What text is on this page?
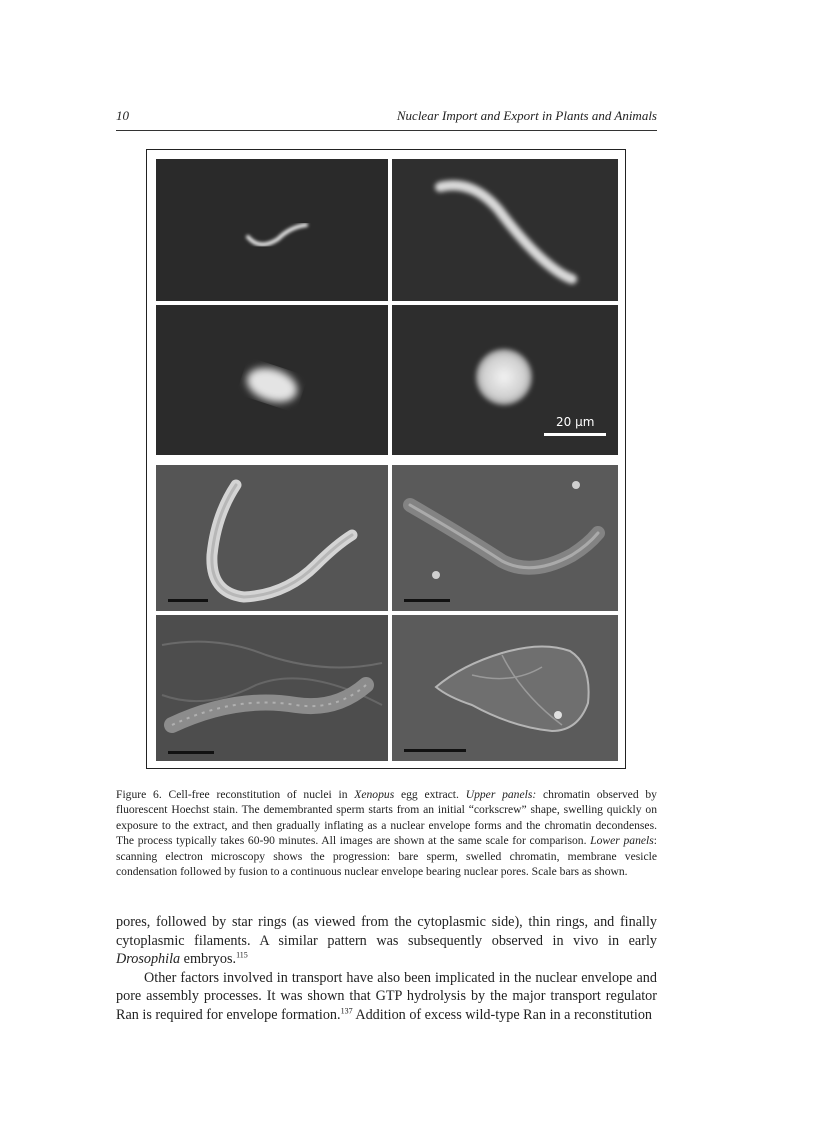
10	Nuclear Import and Export in Plants and Animals
20 µm

Figure 6. Cell-free reconstitution of nuclei in Xenopus egg extract. Upper panels: chromatin observed by fluorescent Hoechst stain. The demembranted sperm starts from an initial “corkscrew” shape, swelling quickly on exposure to the extract, and then gradually inflating as a nuclear envelope forms and the chromatin decondenses. The process typically takes 60-90 minutes. All images are shown at the same scale for comparison. Lower panels: scanning electron microscopy shows the progression: bare sperm, swelled chromatin, membrane vesicle condensation followed by fusion to a continuous nuclear envelope bearing nuclear pores. Scale bars as shown.

pores, followed by star rings (as viewed from the cytoplasmic side), thin rings, and finally cytoplasmic filaments. A similar pattern was subsequently observed in vivo in early Drosophila embryos.$^{115}$

Other factors involved in transport have also been implicated in the nuclear envelope and pore assembly processes. It was shown that GTP hydrolysis by the major transport regulator Ran is required for envelope formation.$^{137}$ Addition of excess wild-type Ran in a reconstitution
